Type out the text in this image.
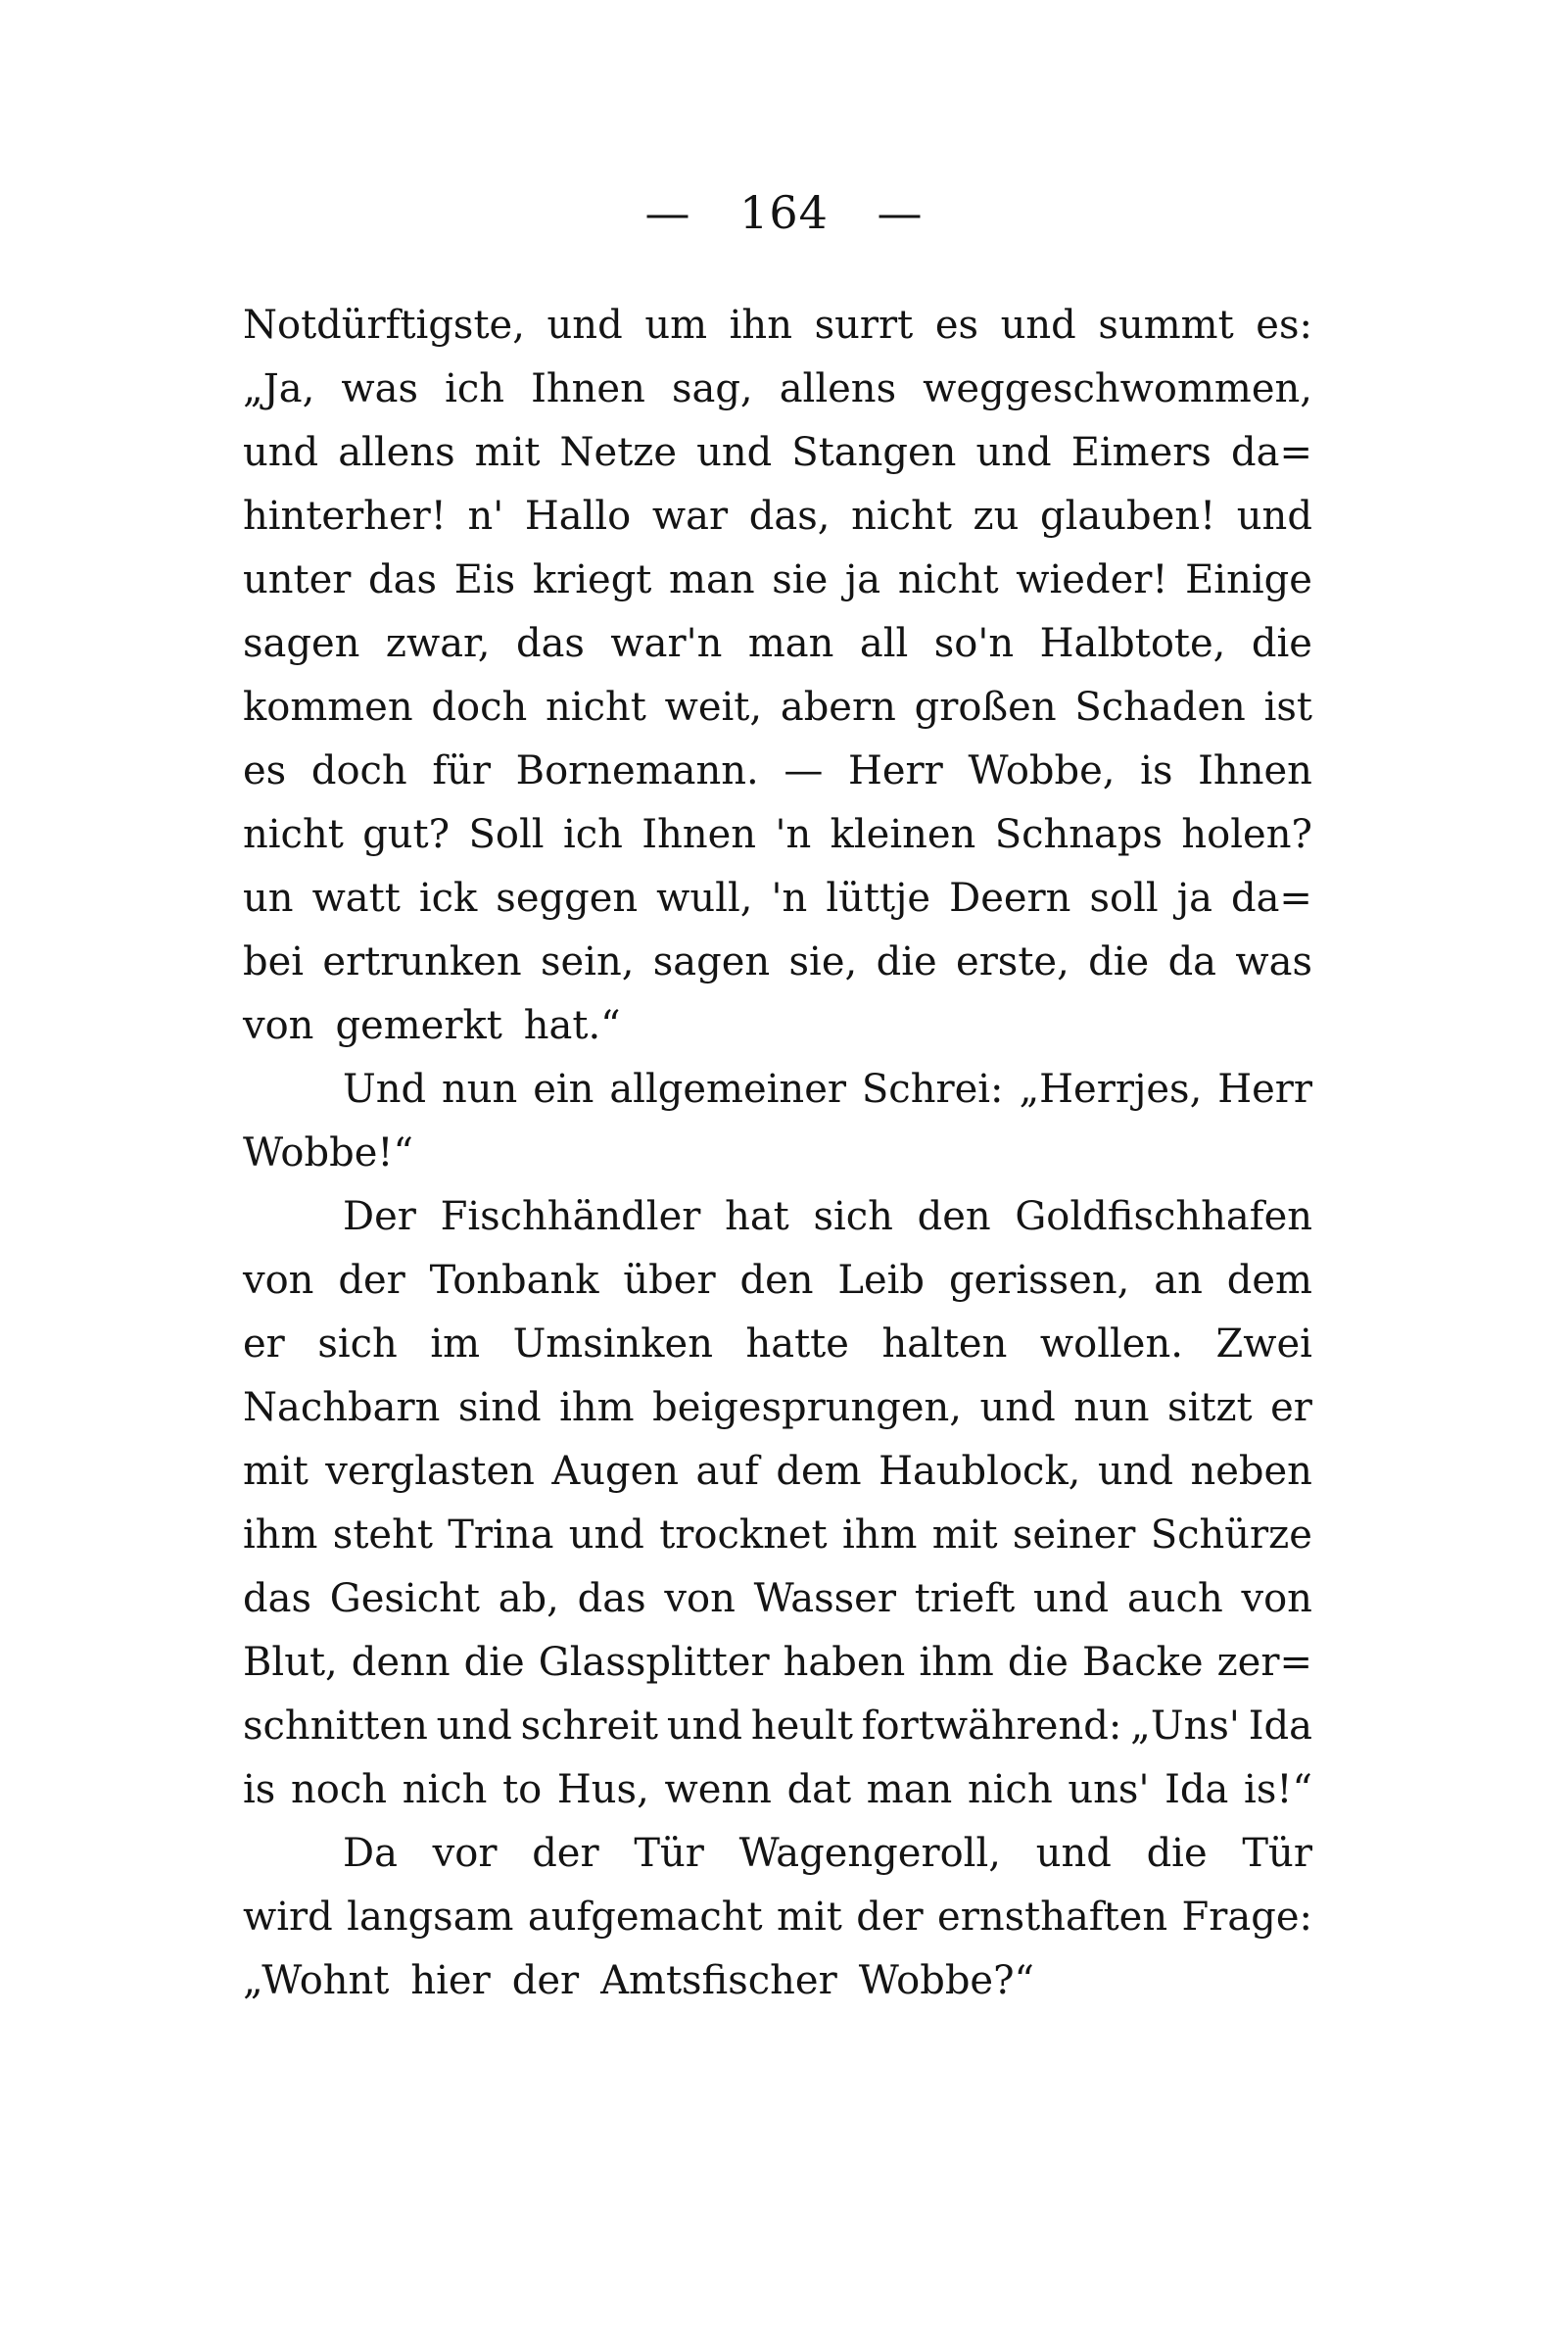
— 164 —
Notdürftigste, und um ihn surrt es und summt es:
„Ja, was ich Ihnen sag, allens weggeschwommen,
und allens mit Netze und Stangen und Eimers da=
hinterher! n' Hallo war das, nicht zu glauben! und
unter das Eis kriegt man sie ja nicht wieder! Einige
sagen zwar, das war'n man all so'n Halbtote, die
kommen doch nicht weit, abern großen Schaden ist
es doch für Bornemann. — Herr Wobbe, is Ihnen
nicht gut? Soll ich Ihnen 'n kleinen Schnaps holen?
un watt ick seggen wull, 'n lüttje Deern soll ja da=
bei ertrunken sein, sagen sie, die erste, die da was
von gemerkt hat.“
Und nun ein allgemeiner Schrei: „Herrjes, Herr
Wobbe!“
Der Fischhändler hat sich den Goldfischhafen
von der Tonbank über den Leib gerissen, an dem
er sich im Umsinken hatte halten wollen. Zwei
Nachbarn sind ihm beigesprungen, und nun sitzt er
mit verglasten Augen auf dem Haublock, und neben
ihm steht Trina und trocknet ihm mit seiner Schürze
das Gesicht ab, das von Wasser trieft und auch von
Blut, denn die Glassplitter haben ihm die Backe zer=
schnitten und schreit und heult fortwährend: „Uns' Ida
is noch nich to Hus, wenn dat man nich uns' Ida is!“
Da vor der Tür Wagengeroll, und die Tür
wird langsam aufgemacht mit der ernsthaften Frage:
„Wohnt hier der Amtsfischer Wobbe?“
